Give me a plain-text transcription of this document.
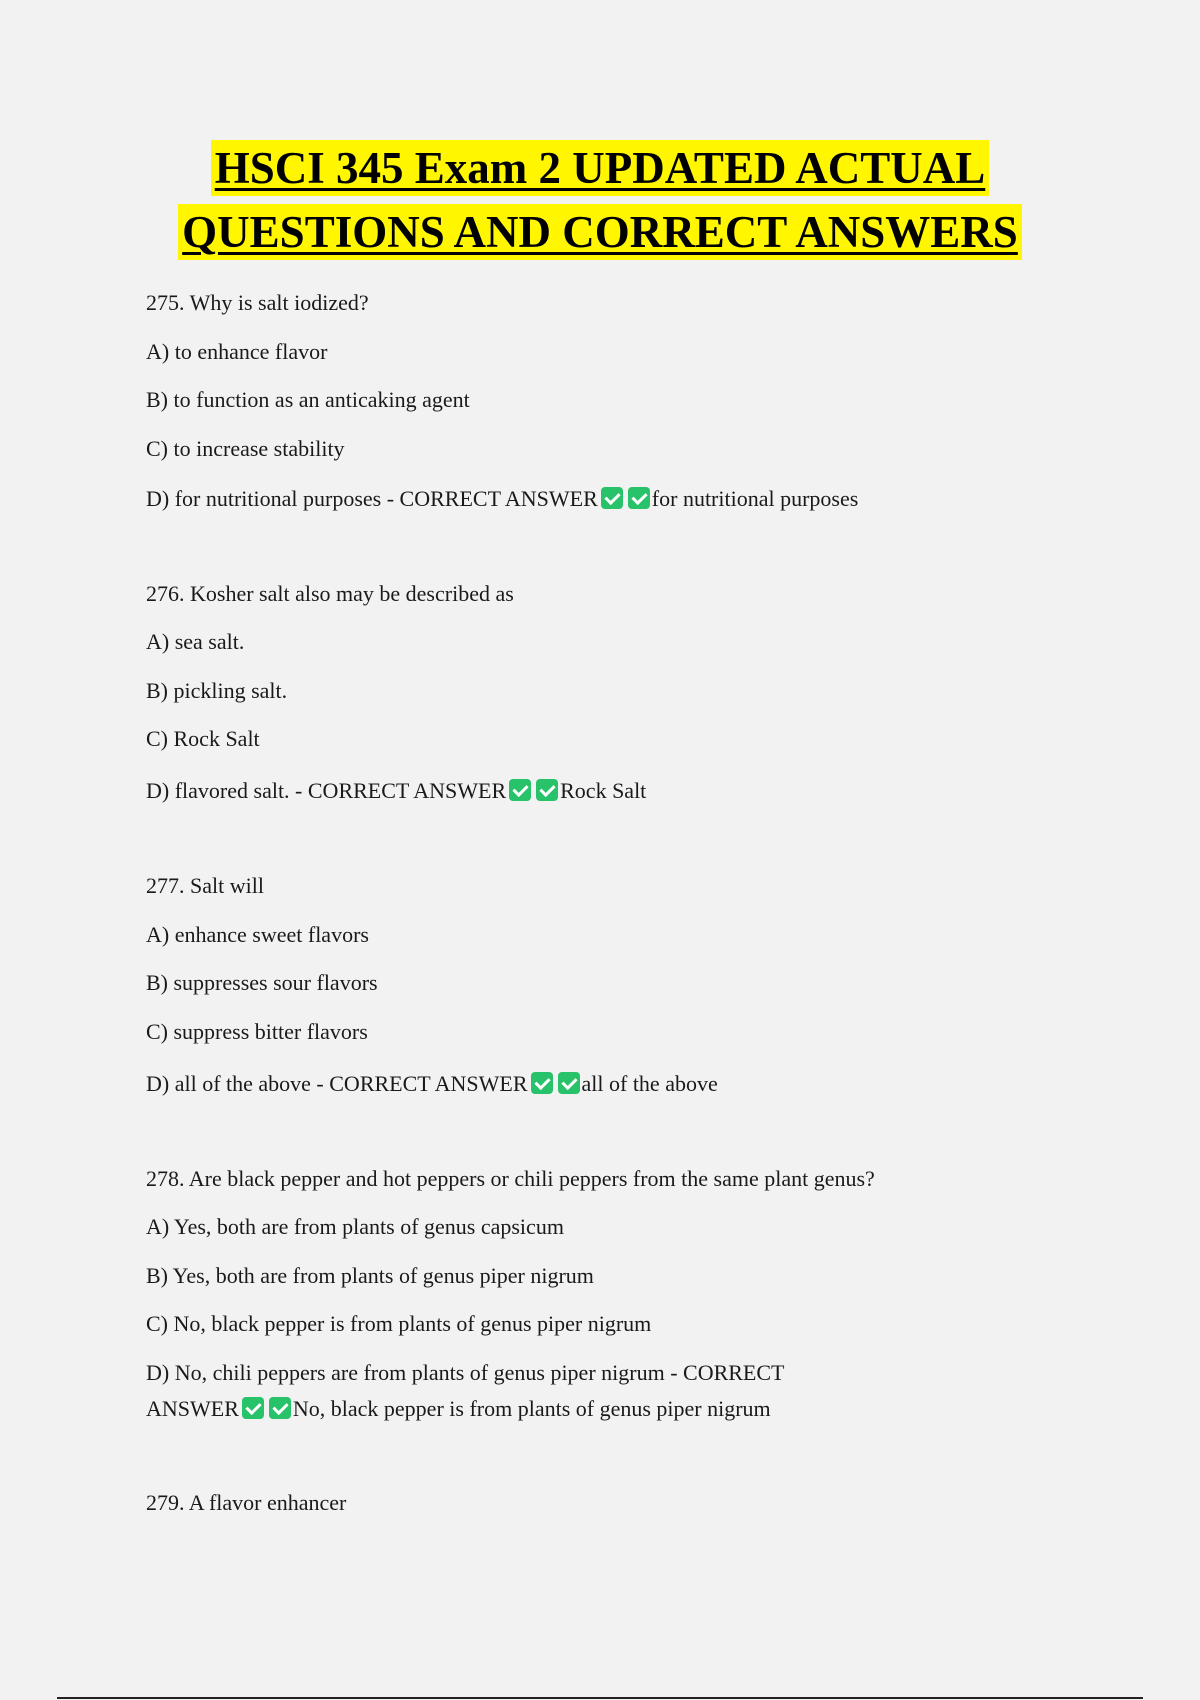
HSCI 345 Exam 2 UPDATED ACTUAL
QUESTIONS AND CORRECT ANSWERS
275. Why is salt iodized?
A) to enhance flavor
B) to function as an anticaking agent
C) to increase stability
D) for nutritional purposes - CORRECT ANSWER for nutritional purposes
276. Kosher salt also may be described as
A) sea salt.
B) pickling salt.
C) Rock Salt
D) flavored salt. - CORRECT ANSWER Rock Salt
277. Salt will
A) enhance sweet flavors
B) suppresses sour flavors
C) suppress bitter flavors
D) all of the above - CORRECT ANSWER all of the above
278. Are black pepper and hot peppers or chili peppers from the same plant genus?
A) Yes, both are from plants of genus capsicum
B) Yes, both are from plants of genus piper nigrum
C) No, black pepper is from plants of genus piper nigrum
D) No, chili peppers are from plants of genus piper nigrum - CORRECT
ANSWER No, black pepper is from plants of genus piper nigrum
279. A flavor enhancer
